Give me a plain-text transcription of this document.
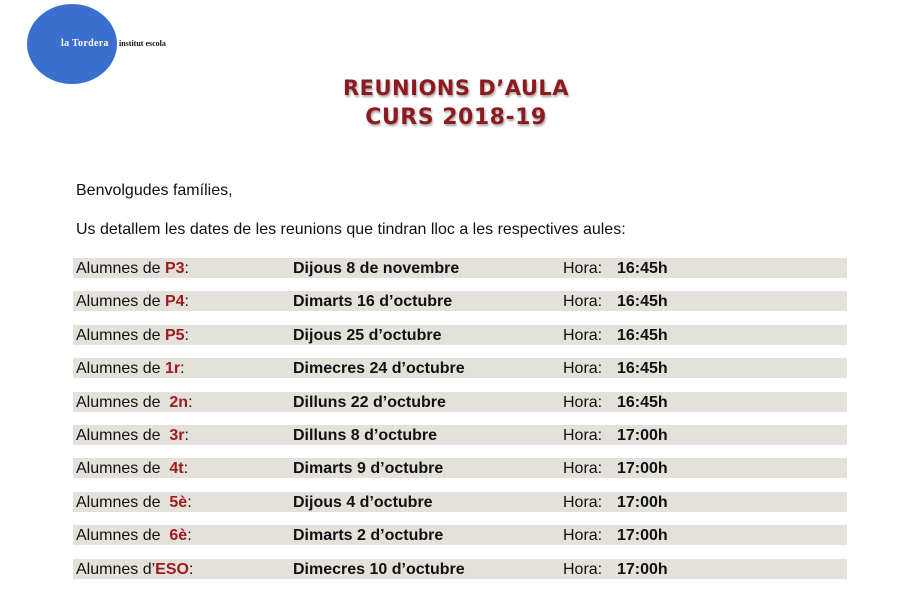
la Tordera institut escola
REUNIONS D’AULA
CURS 2018-19
Benvolgudes famílies,
Us detallem les dates de les reunions que tindran lloc a les respectives aules:
Alumnes de P3:	Dijous 8 de novembre	Hora: 16:45h
Alumnes de P4:	Dimarts 16 d’octubre	Hora: 16:45h
Alumnes de P5:	Dijous 25 d’octubre	Hora: 16:45h
Alumnes de 1r:	Dimecres 24 d’octubre	Hora: 16:45h
Alumnes de  2n:	Dilluns 22 d’octubre	Hora: 16:45h
Alumnes de  3r:	Dilluns 8 d’octubre	Hora: 17:00h
Alumnes de  4t:	Dimarts 9 d’octubre	Hora: 17:00h
Alumnes de  5è:	Dijous 4 d’octubre	Hora: 17:00h
Alumnes de  6è:	Dimarts 2 d’octubre	Hora: 17:00h
Alumnes d’ESO:	Dimecres 10 d’octubre	Hora: 17:00h
